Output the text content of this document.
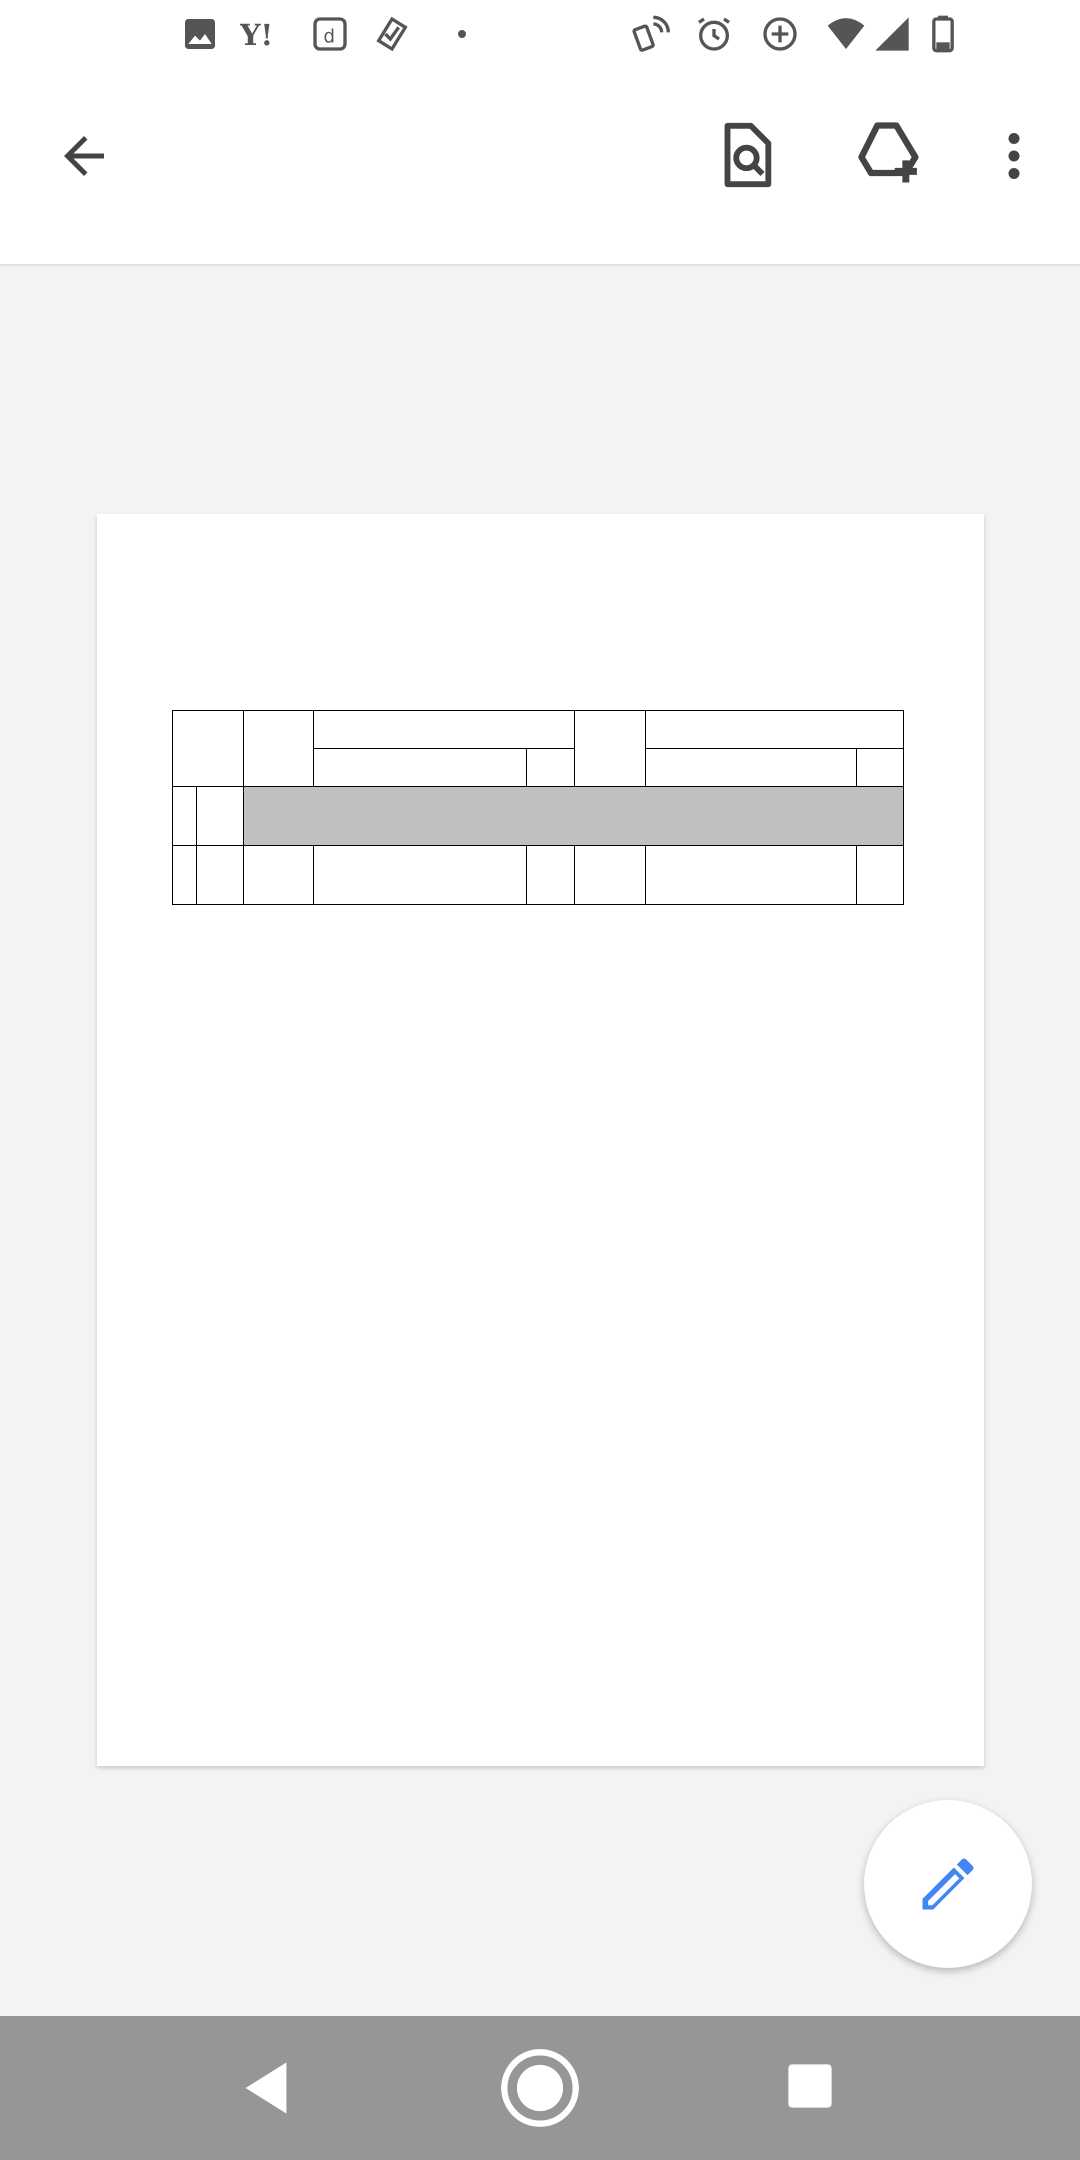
Y!	d
